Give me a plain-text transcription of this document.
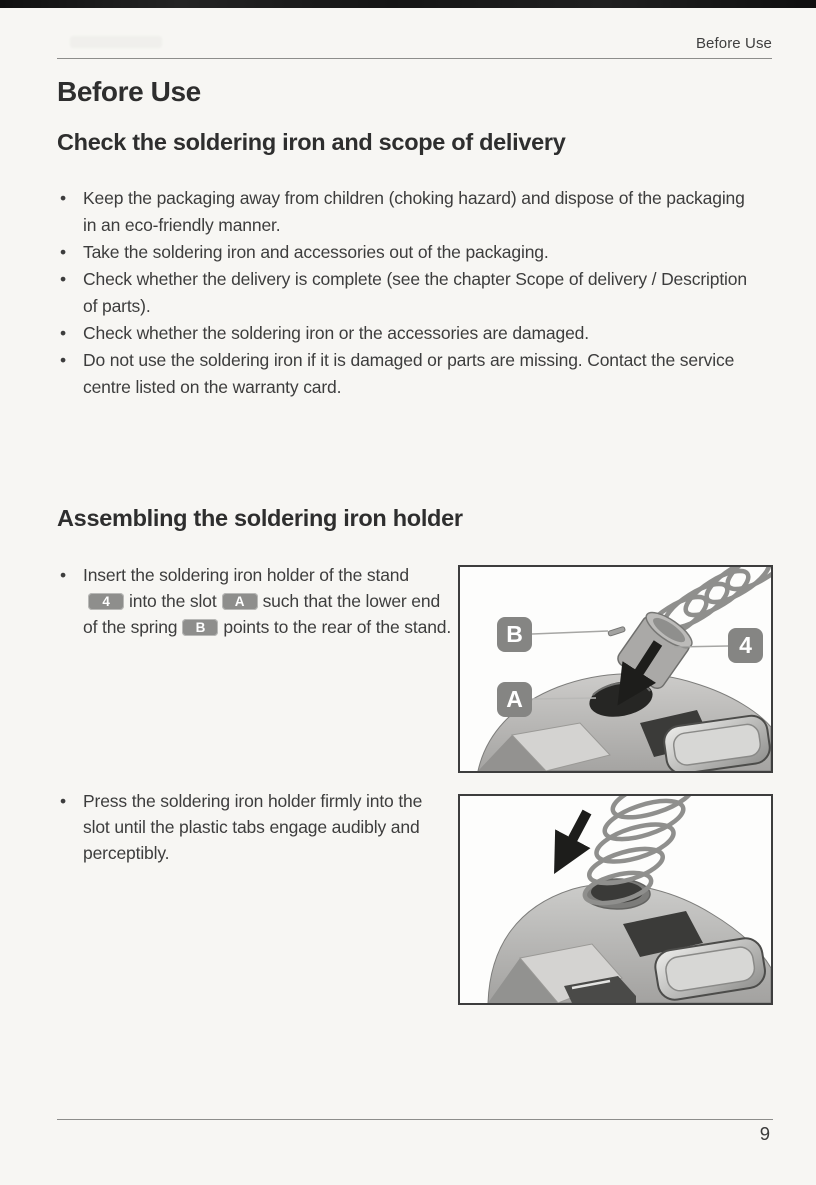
Before Use
Before Use
Check the soldering iron and scope of delivery
• Keep the packaging away from children (choking hazard) and dispose of the packaging in an eco-friendly manner.
• Take the soldering iron and accessories out of the packaging.
• Check whether the delivery is complete (see the chapter Scope of delivery / Description of parts).
• Check whether the soldering iron or the accessories are damaged.
• Do not use the soldering iron if it is damaged or parts are missing. Contact the service centre listed on the warranty card.
Assembling the soldering iron holder
• Insert the soldering iron holder of the stand4 into the slot A such that the lower end of the spring B points to the rear of the stand. B
A
4
• Press the soldering iron holder firmly into the slot until the plastic tabs engage audibly and perceptibly.
9
